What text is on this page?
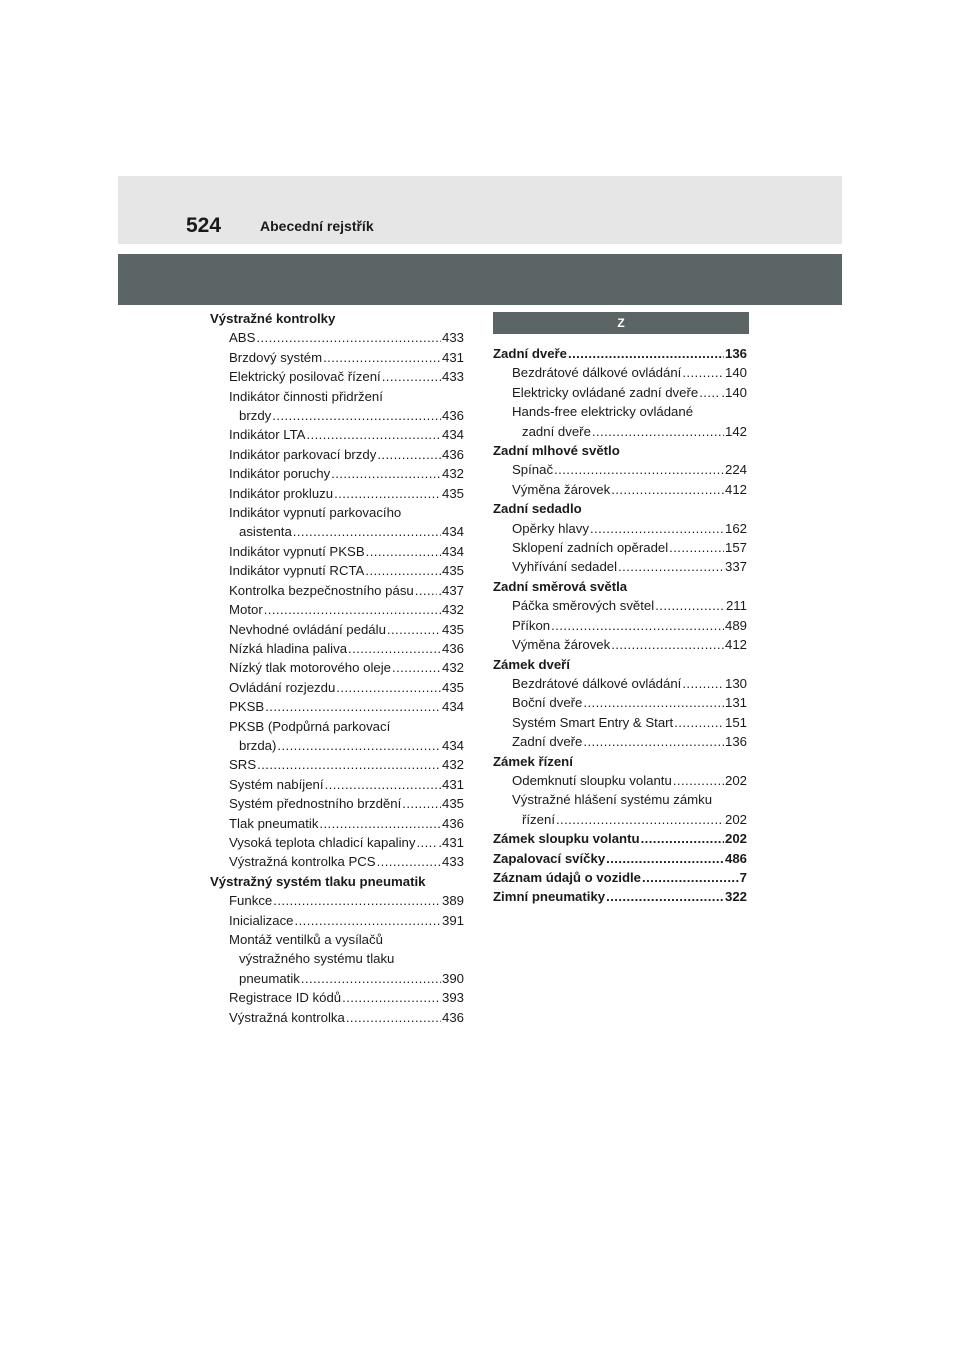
524	Abecední rejstřík
Výstražné kontrolky
ABS .....	433
Brzdový systém .....	431
Elektrický posilovač řízení .....	433
Indikátor činnosti přidržení
brzdy .....	436
Indikátor LTA .....	434
Indikátor parkovací brzdy .....	436
Indikátor poruchy .....	432
Indikátor prokluzu .....	435
Indikátor vypnutí parkovacího
asistenta .....	434
Indikátor vypnutí PKSB .....	434
Indikátor vypnutí RCTA .....	435
Kontrolka bezpečnostního pásu ..... .437
Motor .....	432
Nevhodné ovládání pedálu .....	435
Nízká hladina paliva .....	436
Nízký tlak motorového oleje .....	432
Ovládání rozjezdu .....	435
PKSB .....	434
PKSB (Podpůrná parkovací
brzda) .....	434
SRS .....	432
Systém nabíjení .....	431
Systém přednostního brzdění .....	435
Tlak pneumatik .....	436
Vysoká teplota chladicí kapaliny ..... .431
Výstražná kontrolka PCS .....	433
Výstražný systém tlaku pneumatik
Funkce .....	389
Inicializace .....	391
Montáž ventilků a vysílačů
výstražného systému tlaku
pneumatik .....	390
Registrace ID kódů .....	393
Výstražná kontrolka .....	436
Z
Zadní dveře .....	136
Bezdrátové dálkové ovládání .....	140
Elektricky ovládané zadní dveře ..... .140
Hands-free elektricky ovládané
zadní dveře .....	142
Zadní mlhové světlo
Spínač .....	224
Výměna žárovek .....	412
Zadní sedadlo
Opěrky hlavy .....	162
Sklopení zadních opěradel .....	157
Vyhřívání sedadel .....	337
Zadní směrová světla
Páčka směrových světel .....	211
Příkon .....	489
Výměna žárovek .....	412
Zámek dveří
Bezdrátové dálkové ovládání .....	130
Boční dveře .....	131
Systém Smart Entry & Start .....	151
Zadní dveře .....	136
Zámek řízení
Odemknutí sloupku volantu .....	202
Výstražné hlášení systému zámku
řízení .....	202
Zámek sloupku volantu .....	202
Zapalovací svíčky .....	486
Záznam údajů o vozidle .....	7
Zimní pneumatiky .....	322
